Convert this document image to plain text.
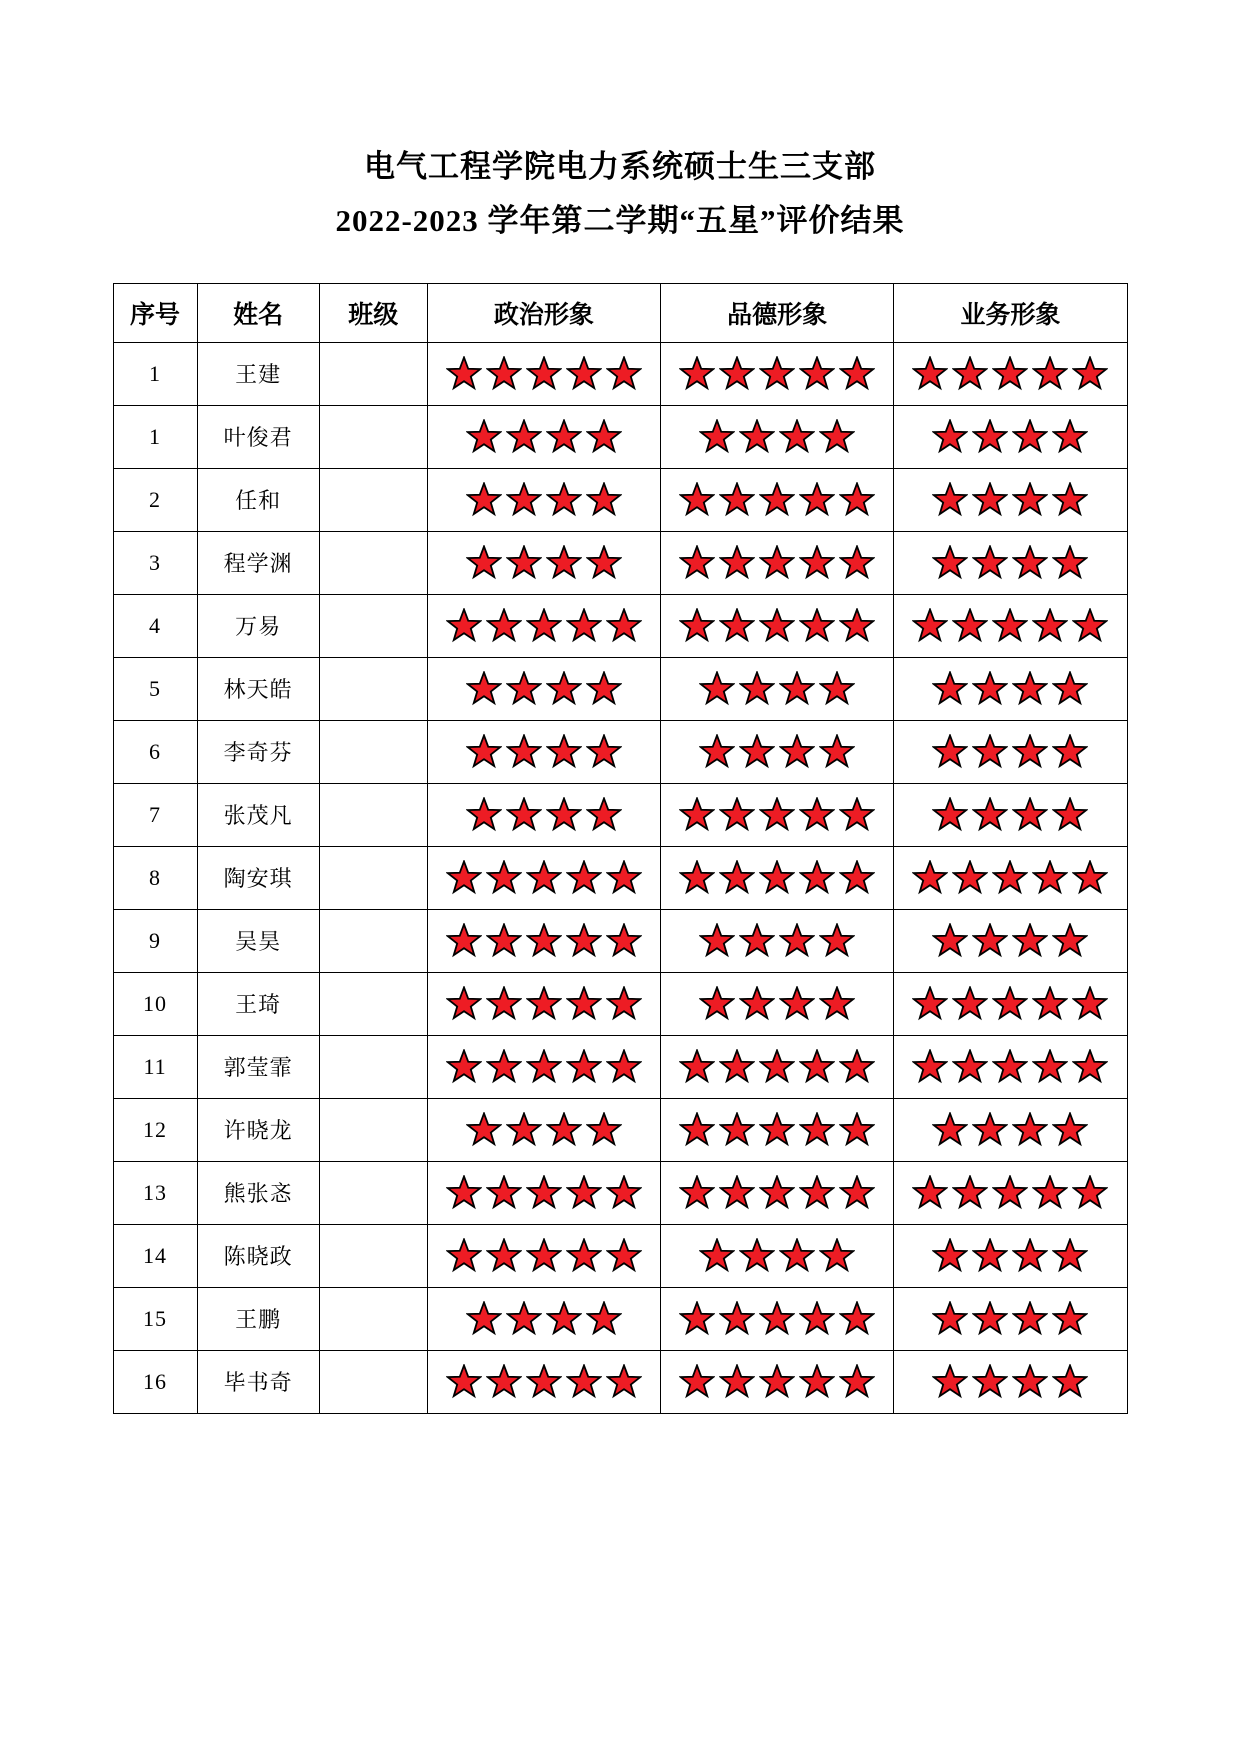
电气工程学院电力系统硕士生三支部
2022-2023 学年第二学期“五星”评价结果
序号	姓名	班级	政治形象	品德形象	业务形象
1	王建		

1	叶俊君		

2	任和		

3	程学渊		

4	万易		

5	林天皓		

6	李奇芬		

7	张茂凡		

8	陶安琪		

9	吴昊		

10	王琦		

11	郭莹霏		

12	许晓龙		

13	熊张忞		

14	陈晓政		

15	王鹏		

16	毕书奇		
